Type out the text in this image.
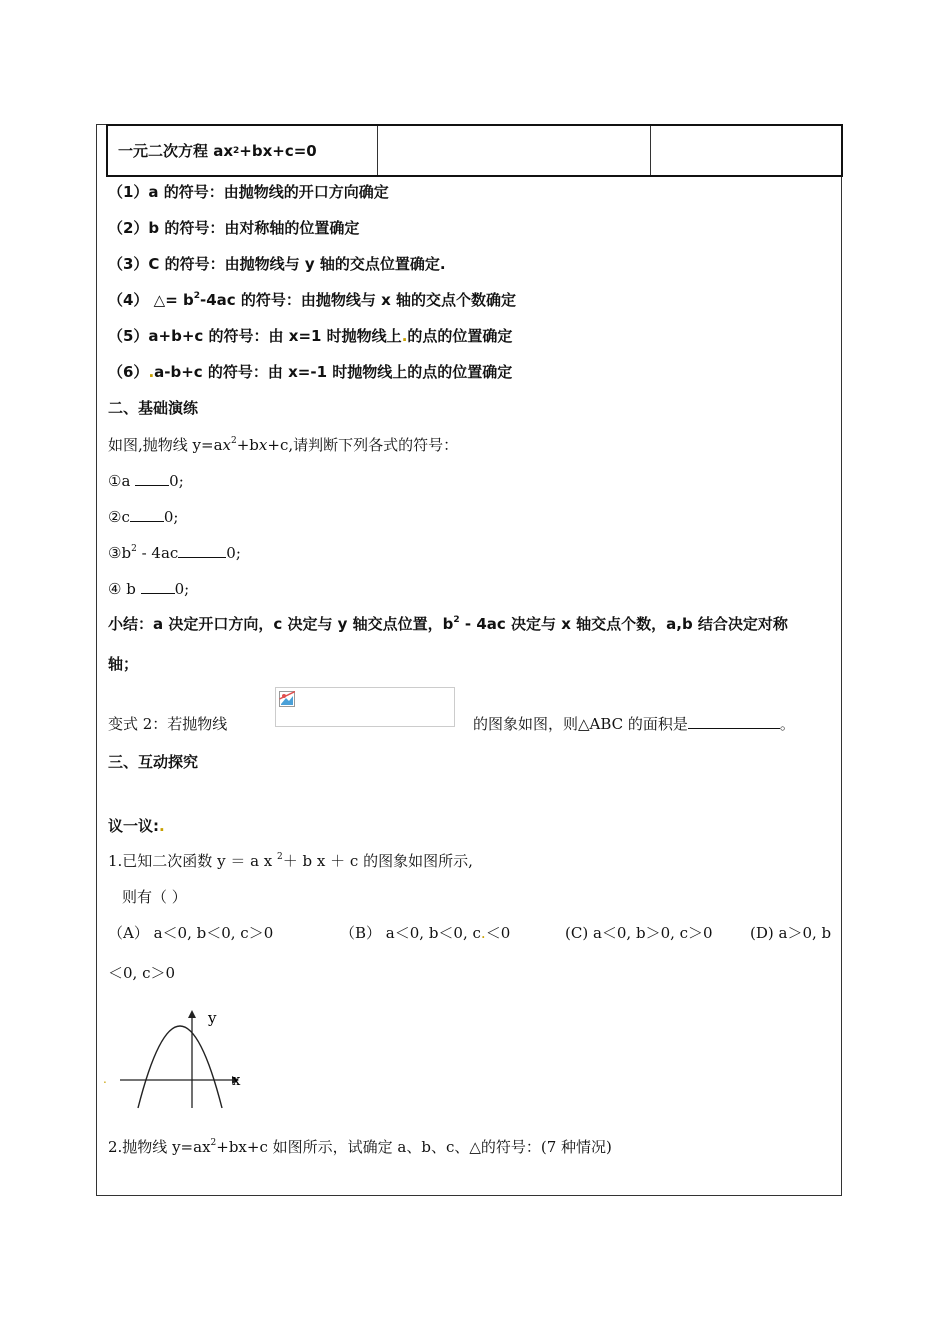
一元二次方程 ax 2 +bx+c=0
（1）a 的符号：由抛物线的开口方向确定
（2）b 的符号：由对称轴的位置确定
（3）C 的符号：由抛物线与 y 轴的交点位置确定.
（4） △= $b^2-4ac$ 的符号：由抛物线与 x 轴的交点个数确定
（5）a+b+c 的符号：由 x=1 时抛物线上.的点的位置确定
（6）.a-b+c 的符号：由 x=-1 时抛物线上的点的位置确定
二、基础演练
如图,抛物线 $y=ax^2+bx+c$,请判断下列各式的符号：
①a 0;
②c 0;
$③b^2 - 4ac$	0;
④ b 0;
小结：a 决定开口方向，c 决定与 y 轴交点位置，$b^2 - 4ac$ 决定与 x 轴交点个数，a,b 结合决定对称
轴；
变式 2：若抛物线	的图象如图，则△ABC 的面积是	。
三、互动探究
议一议:.
1.已知二次函数 y ＝ a x $^2$＋ b x ＋ c 的图象如图所示,
则有（ ）
（A） a＜0, b＜0, c＞0	（B） a＜0, b＜0, c.＜0	(C) a＜0, b＞0, c＞0 (D) a＞0, b
＜0, c＞0
y
x
.
2.抛物线 $y=ax^2+bx+c$ 如图所示，试确定 a、b、c、△的符号：(7 种情况)
